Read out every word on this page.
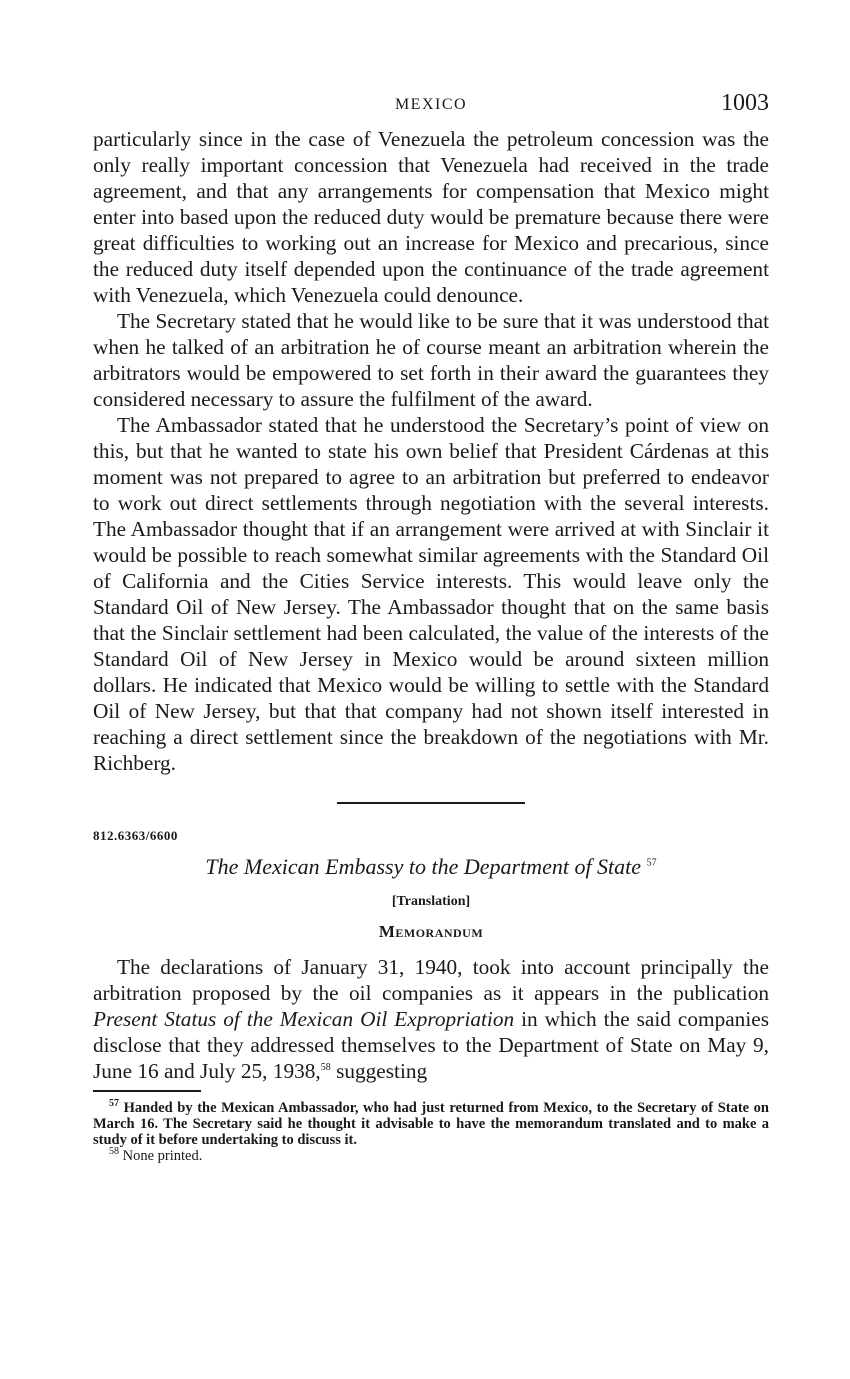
MEXICO	1003

particularly since in the case of Venezuela the petroleum concession was the only really important concession that Venezuela had received in the trade agreement, and that any arrangements for compensation that Mexico might enter into based upon the reduced duty would be premature because there were great difficulties to working out an increase for Mexico and precarious, since the reduced duty itself depended upon the continuance of the trade agreement with Venezuela, which Venezuela could denounce.

The Secretary stated that he would like to be sure that it was understood that when he talked of an arbitration he of course meant an arbitration wherein the arbitrators would be empowered to set forth in their award the guarantees they considered necessary to assure the fulfilment of the award.

The Ambassador stated that he understood the Secretary’s point of view on this, but that he wanted to state his own belief that President Cárdenas at this moment was not prepared to agree to an arbitration but preferred to endeavor to work out direct settlements through negotiation with the several interests. The Ambassador thought that if an arrangement were arrived at with Sinclair it would be possible to reach somewhat similar agreements with the Standard Oil of California and the Cities Service interests. This would leave only the Standard Oil of New Jersey. The Ambassador thought that on the same basis that the Sinclair settlement had been calculated, the value of the interests of the Standard Oil of New Jersey in Mexico would be around sixteen million dollars. He indicated that Mexico would be willing to settle with the Standard Oil of New Jersey, but that that company had not shown itself interested in reaching a direct settlement since the breakdown of the negotiations with Mr. Richberg.

812.6363/6600
The Mexican Embassy to the Department of State $^{57}$
[Translation]
Memorandum

The declarations of January 31, 1940, took into account principally the arbitration proposed by the oil companies as it appears in the publication Present Status of the Mexican Oil Expropriation in which the said companies disclose that they addressed themselves to the Department of State on May 9, June 16 and July 25, 1938,58 suggesting

$^{57}$ Handed by the Mexican Ambassador, who had just returned from Mexico, to the Secretary of State on March 16. The Secretary said he thought it advisable to have the memorandum translated and to make a study of it before undertaking to discuss it.

$^{58}$ None printed.
